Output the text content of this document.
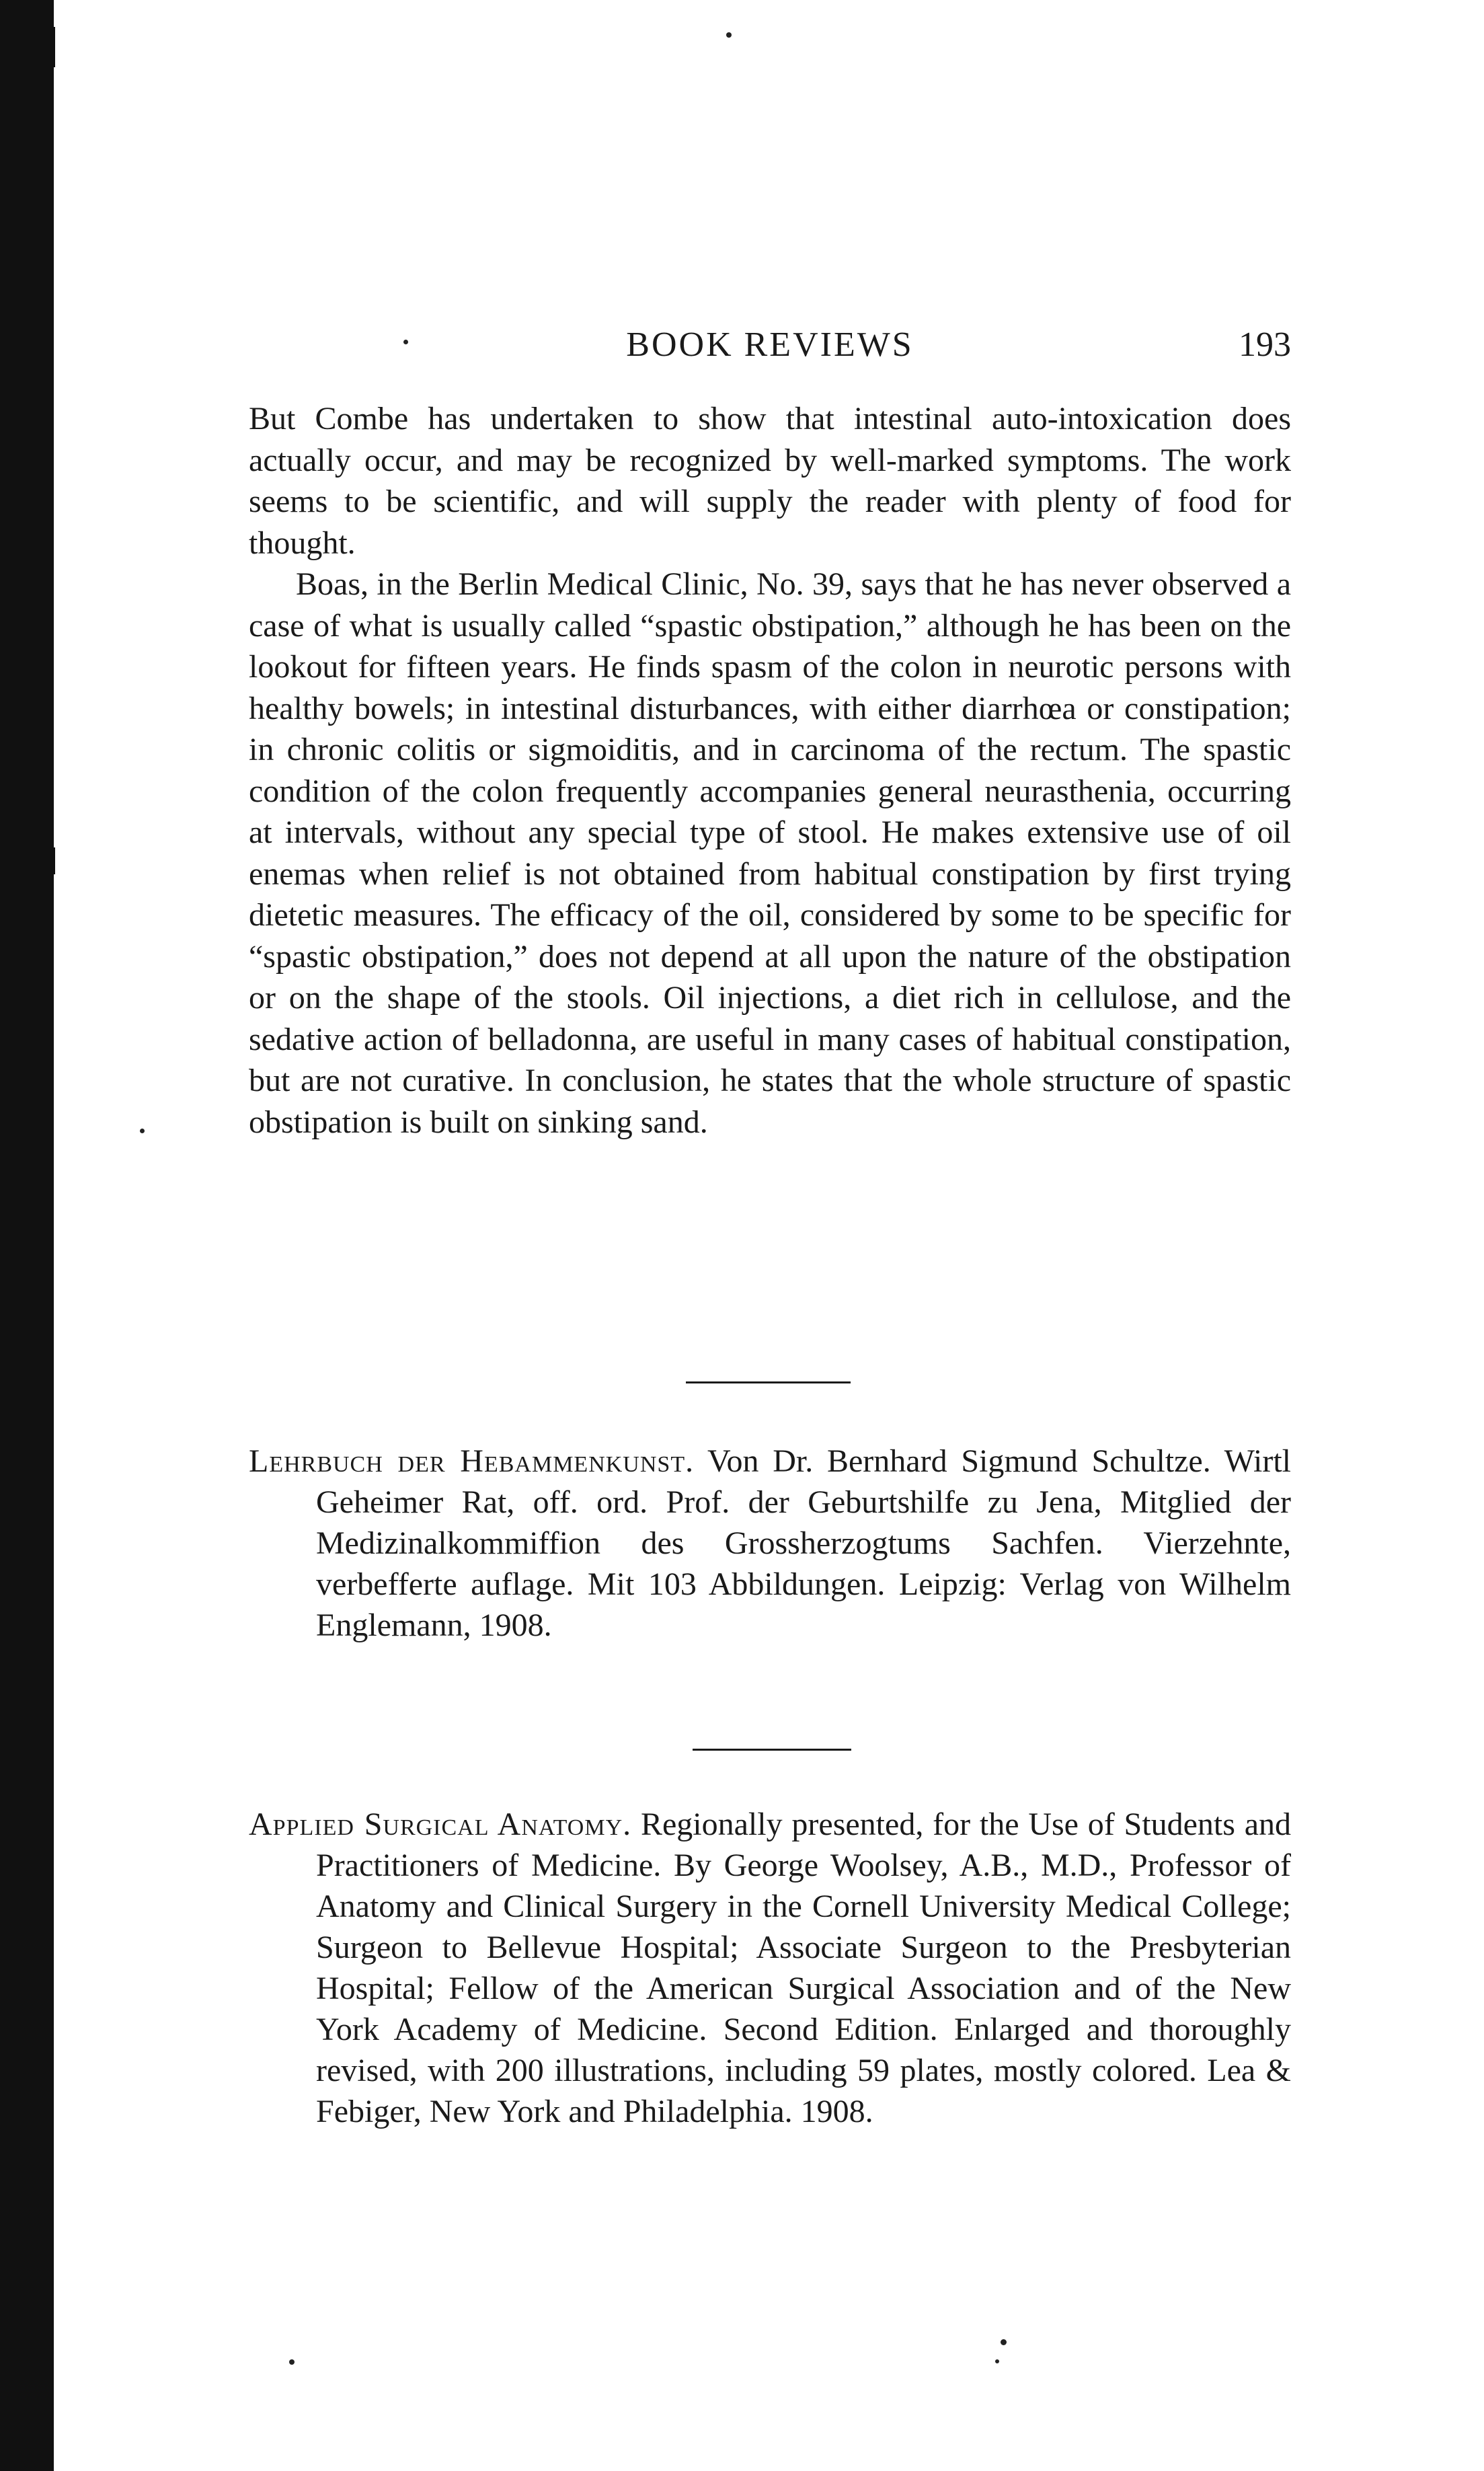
BOOK REVIEWS	193

But Combe has undertaken to show that intestinal auto-intoxication does actually occur, and may be recognized by well-marked symptoms. The work seems to be scientific, and will supply the reader with plenty of food for thought.

Boas, in the Berlin Medical Clinic, No. 39, says that he has never observed a case of what is usually called “spastic obstipation,” although he has been on the lookout for fifteen years. He finds spasm of the colon in neurotic persons with healthy bowels; in intestinal disturbances, with either diarrhœa or constipation; in chronic colitis or sigmoiditis, and in carcinoma of the rectum. The spastic condition of the colon frequently accompanies general neurasthenia, occurring at intervals, without any special type of stool. He makes extensive use of oil enemas when relief is not obtained from habitual constipation by first trying dietetic measures. The efficacy of the oil, considered by some to be specific for “spastic obstipation,” does not depend at all upon the nature of the obstipation or on the shape of the stools. Oil injections, a diet rich in cellulose, and the sedative action of belladonna, are useful in many cases of habitual constipation, but are not curative. In conclusion, he states that the whole structure of spastic obstipation is built on sinking sand.

Lehrbuch der Hebammenkunst. Von Dr. Bernhard Sigmund Schultze. Wirtl Geheimer Rat, off. ord. Prof. der Geburtshilfe zu Jena, Mitglied der Medizinalkommiffion des Grossherzogtums Sachfen. Vierzehnte, verbefferte auflage. Mit 103 Abbildungen. Leipzig: Verlag von Wilhelm Englemann, 1908.

Applied Surgical Anatomy. Regionally presented, for the Use of Students and Practitioners of Medicine. By George Woolsey, A.B., M.D., Professor of Anatomy and Clinical Surgery in the Cornell University Medical College; Surgeon to Bellevue Hospital; Associate Surgeon to the Presbyterian Hospital; Fellow of the American Surgical Association and of the New York Academy of Medicine. Second Edition. Enlarged and thoroughly revised, with 200 illustrations, including 59 plates, mostly colored. Lea & Febiger, New York and Philadelphia. 1908.
